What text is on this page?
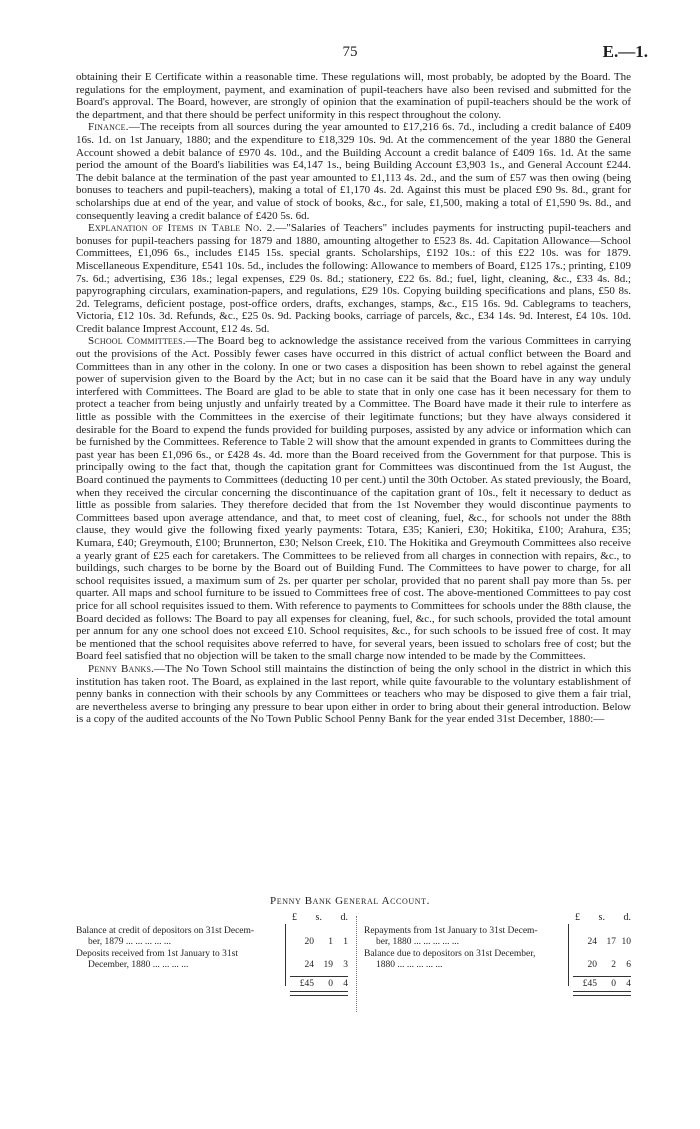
75	E.—1.

obtaining their E Certificate within a reasonable time. These regulations will, most probably, be adopted by the Board. The regulations for the employment, payment, and examination of pupil-teachers have also been revised and submitted for the Board's approval. The Board, however, are strongly of opinion that the examination of pupil-teachers should be the work of the department, and that there should be perfect uniformity in this respect throughout the colony.

Finance.—The receipts from all sources during the year amounted to £17,216 6s. 7d., including a credit balance of £409 16s. 1d. on 1st January, 1880; and the expenditure to £18,329 10s. 9d. At the commencement of the year 1880 the General Account showed a debit balance of £970 4s. 10d., and the Building Account a credit balance of £409 16s. 1d. At the same period the amount of the Board's liabilities was £4,147 1s., being Building Account £3,903 1s., and General Account £244. The debit balance at the termination of the past year amounted to £1,113 4s. 2d., and the sum of £57 was then owing (being bonuses to teachers and pupil-teachers), making a total of £1,170 4s. 2d. Against this must be placed £90 9s. 8d., grant for scholarships due at end of the year, and value of stock of books, &c., for sale, £1,500, making a total of £1,590 9s. 8d., and consequently leaving a credit balance of £420 5s. 6d.

Explanation of Items in Table No. 2.—"Salaries of Teachers" includes payments for instructing pupil-teachers and bonuses for pupil-teachers passing for 1879 and 1880, amounting altogether to £523 8s. 4d. Capitation Allowance—School Committees, £1,096 6s., includes £145 15s. special grants. Scholarships, £192 10s.: of this £22 10s. was for 1879. Miscellaneous Expenditure, £541 10s. 5d., includes the following: Allowance to members of Board, £125 17s.; printing, £109 7s. 6d.; advertising, £36 18s.; legal expenses, £29 0s. 8d.; stationery, £22 6s. 8d.; fuel, light, cleaning, &c., £33 4s. 8d.; papyrographing circulars, examination-papers, and regulations, £29 10s. Copying building specifications and plans, £50 8s. 2d. Telegrams, deficient postage, post-office orders, drafts, exchanges, stamps, &c., £15 16s. 9d. Cablegrams to teachers, Victoria, £12 10s. 3d. Refunds, &c., £25 0s. 9d. Packing books, carriage of parcels, &c., £34 14s. 9d. Interest, £4 10s. 10d. Credit balance Imprest Account, £12 4s. 5d.

School Committees.—The Board beg to acknowledge the assistance received from the various Committees in carrying out the provisions of the Act. Possibly fewer cases have occurred in this district of actual conflict between the Board and Committees than in any other in the colony. In one or two cases a disposition has been shown to rebel against the general power of supervision given to the Board by the Act; but in no case can it be said that the Board have in any way unduly interfered with Committees. The Board are glad to be able to state that in only one case has it been necessary for them to protect a teacher from being unjustly and unfairly treated by a Committee. The Board have made it their rule to interfere as little as possible with the Committees in the exercise of their legitimate functions; but they have always considered it desirable for the Board to expend the funds provided for building purposes, assisted by any advice or information which can be furnished by the Committees. Reference to Table 2 will show that the amount expended in grants to Committees during the past year has been £1,096 6s., or £428 4s. 4d. more than the Board received from the Government for that purpose. This is principally owing to the fact that, though the capitation grant for Committees was discontinued from the 1st August, the Board continued the payments to Committees (deducting 10 per cent.) until the 30th October. As stated previously, the Board, when they received the circular concerning the discontinuance of the capitation grant of 10s., felt it necessary to deduct as little as possible from salaries. They therefore decided that from the 1st November they would discontinue payments to Committees based upon average attendance, and that, to meet cost of cleaning, fuel, &c., for schools not under the 88th clause, they would give the following fixed yearly payments: Totara, £35; Kanieri, £30; Hokitika, £100; Arahura, £35; Kumara, £40; Greymouth, £100; Brunnerton, £30; Nelson Creek, £10. The Hokitika and Greymouth Committees also receive a yearly grant of £25 each for caretakers. The Committees to be relieved from all charges in connection with repairs, &c., to buildings, such charges to be borne by the Board out of Building Fund. The Committees to have power to charge, for all school requisites issued, a maximum sum of 2s. per quarter per scholar, provided that no parent shall pay more than 5s. per quarter. All maps and school furniture to be issued to Committees free of cost. The above-mentioned Committees to pay cost price for all school requisites issued to them. With reference to payments to Committees for schools under the 88th clause, the Board decided as follows: The Board to pay all expenses for cleaning, fuel, &c., for such schools, provided the total amount per annum for any one school does not exceed £10. School requisites, &c., for such schools to be issued free of cost. It may be mentioned that the school requisites above referred to have, for several years, been issued to scholars free of cost; but the Board feel satisfied that no objection will be taken to the small charge now intended to be made by the Committees.

Penny Banks.—The No Town School still maintains the distinction of being the only school in the district in which this institution has taken root. The Board, as explained in the last report, while quite favourable to the voluntary establishment of penny banks in connection with their schools by any Committees or teachers who may be disposed to give them a fair trial, are nevertheless averse to bringing any pressure to bear upon either in order to bring about their general introduction. Below is a copy of the audited accounts of the No Town Public School Penny Bank for the year ended 31st December, 1880:—

Penny Bank General Account.
£ s. d.
Balance at credit of depositors on 31st Decem-
ber, 1879 ... ... ... ... ...	20	1	1
Deposits received from 1st January to 31st
December, 1880 ... ... ... ...	24	19	3
£45	0	4
£ s. d.
Repayments from 1st January to 31st Decem-
ber, 1880 ... ... ... ... ...	24	17 10
Balance due to depositors on 31st December,
1880 ... ... ... ... ...	20	2	6
£45	0	4
